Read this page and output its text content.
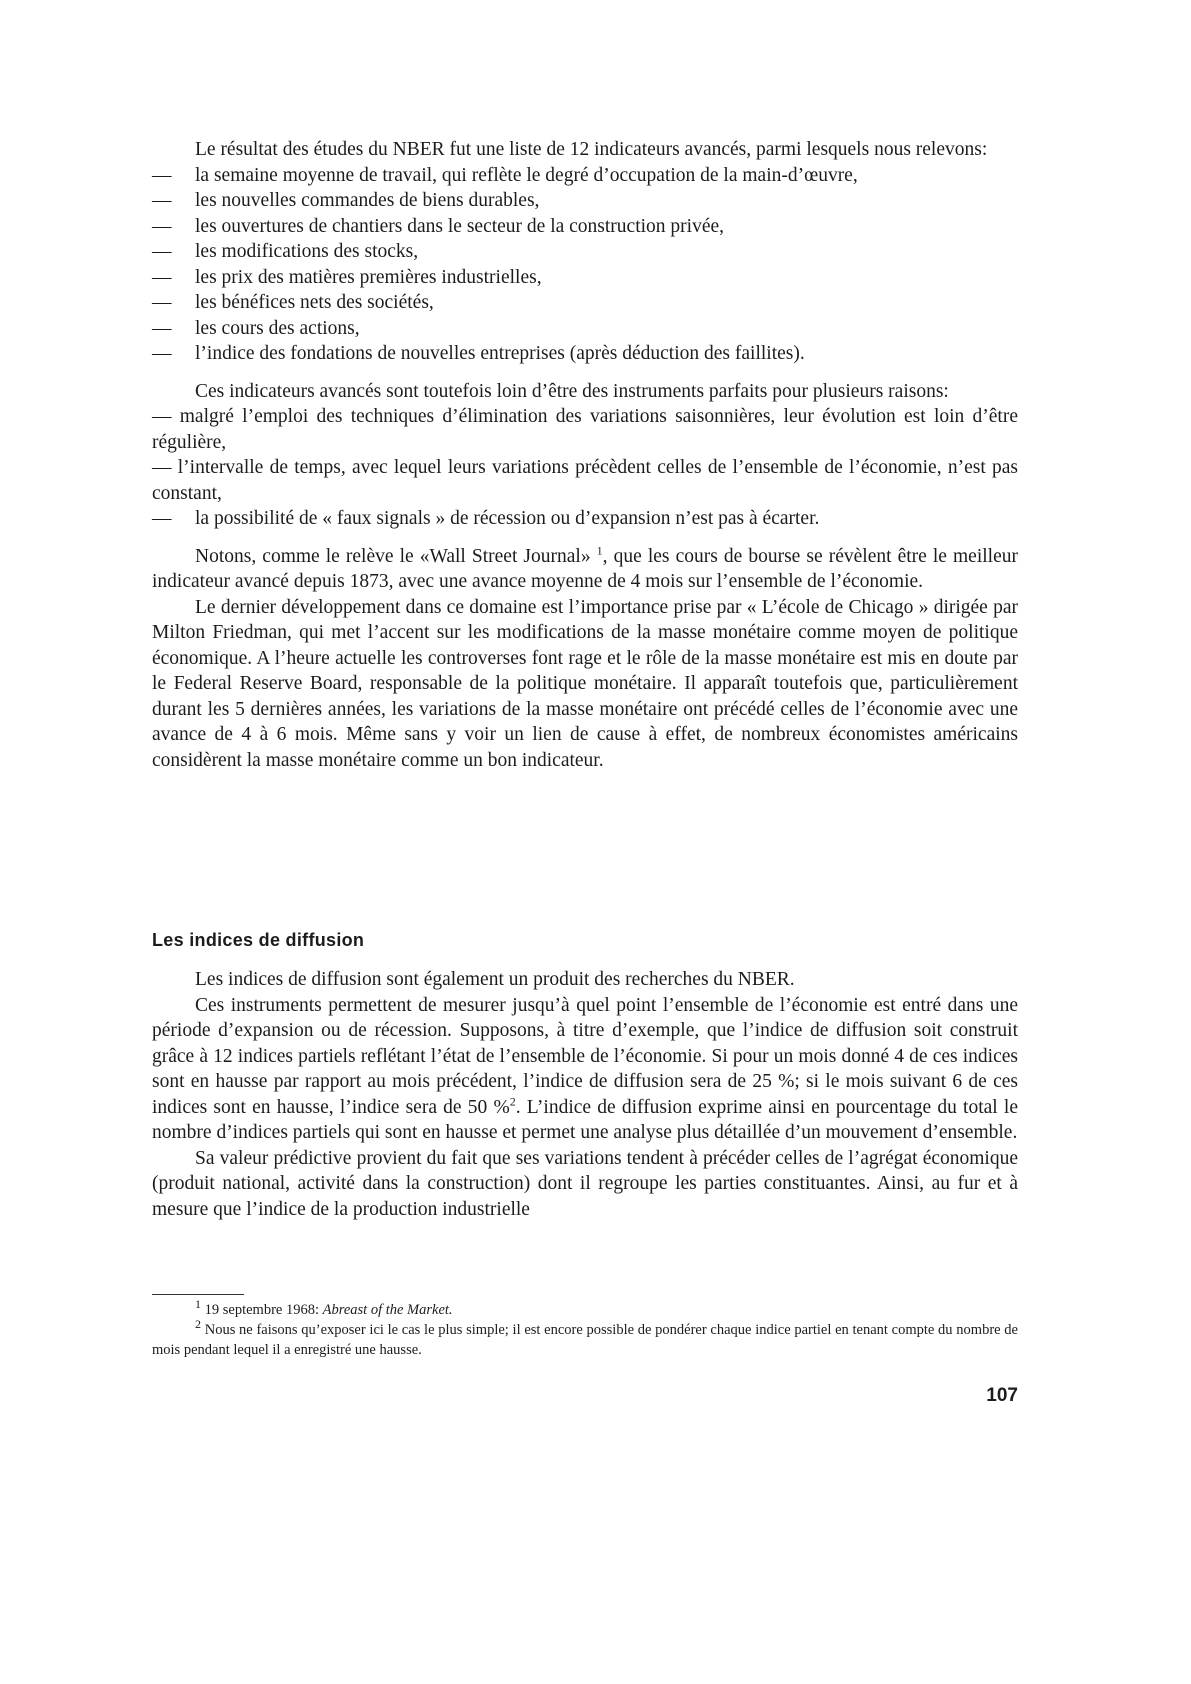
Le résultat des études du NBER fut une liste de 12 indicateurs avancés, parmi lesquels nous relevons:

—	la semaine moyenne de travail, qui reflète le degré d’occupation de la main-d’œuvre,

—	les nouvelles commandes de biens durables,

—	les ouvertures de chantiers dans le secteur de la construction privée,

—	les modifications des stocks,

—	les prix des matières premières industrielles,

—	les bénéfices nets des sociétés,

—	les cours des actions,

—	l’indice des fondations de nouvelles entreprises (après déduction des faillites).

Ces indicateurs avancés sont toutefois loin d’être des instruments parfaits pour plusieurs raisons:

— malgré l’emploi des techniques d’élimination des variations saisonnières, leur évolution est loin d’être régulière,

— l’intervalle de temps, avec lequel leurs variations précèdent celles de l’ensemble de l’économie, n’est pas constant,

—	la possibilité de « faux signals » de récession ou d’expansion n’est pas à écarter.

Notons, comme le relève le «Wall Street Journal» $^1$, que les cours de bourse se révèlent être le meilleur indicateur avancé depuis 1873, avec une avance moyenne de 4 mois sur l’ensemble de l’économie.

Le dernier développement dans ce domaine est l’importance prise par « L’école de Chicago » dirigée par Milton Friedman, qui met l’accent sur les modifications de la masse monétaire comme moyen de politique économique. A l’heure actuelle les controverses font rage et le rôle de la masse monétaire est mis en doute par le Federal Reserve Board, responsable de la politique monétaire. Il apparaît toutefois que, particulièrement durant les 5 dernières années, les variations de la masse monétaire ont précédé celles de l’économie avec une avance de 4 à 6 mois. Même sans y voir un lien de cause à effet, de nombreux économistes américains considèrent la masse monétaire comme un bon indicateur.

Les indices de diffusion

Les indices de diffusion sont également un produit des recherches du NBER.

Ces instruments permettent de mesurer jusqu’à quel point l’ensemble de l’économie est entré dans une période d’expansion ou de récession. Supposons, à titre d’exemple, que l’indice de diffusion soit construit grâce à 12 indices partiels reflétant l’état de l’ensemble de l’économie. Si pour un mois donné 4 de ces indices sont en hausse par rapport au mois précédent, l’indice de diffusion sera de 25 %; si le mois suivant 6 de ces indices sont en hausse, l’indice sera de 50 %$^2$. L’indice de diffusion exprime ainsi en pourcentage du total le nombre d’indices partiels qui sont en hausse et permet une analyse plus détaillée d’un mouvement d’ensemble.

Sa valeur prédictive provient du fait que ses variations tendent à précéder celles de l’agrégat économique (produit national, activité dans la construction) dont il regroupe les parties constituantes. Ainsi, au fur et à mesure que l’indice de la production industrielle

$^1$ 19 septembre 1968: Abreast of the Market.

$^2$ Nous ne faisons qu’exposer ici le cas le plus simple; il est encore possible de pondérer chaque indice partiel en tenant compte du nombre de mois pendant lequel il a enregistré une hausse.

107
